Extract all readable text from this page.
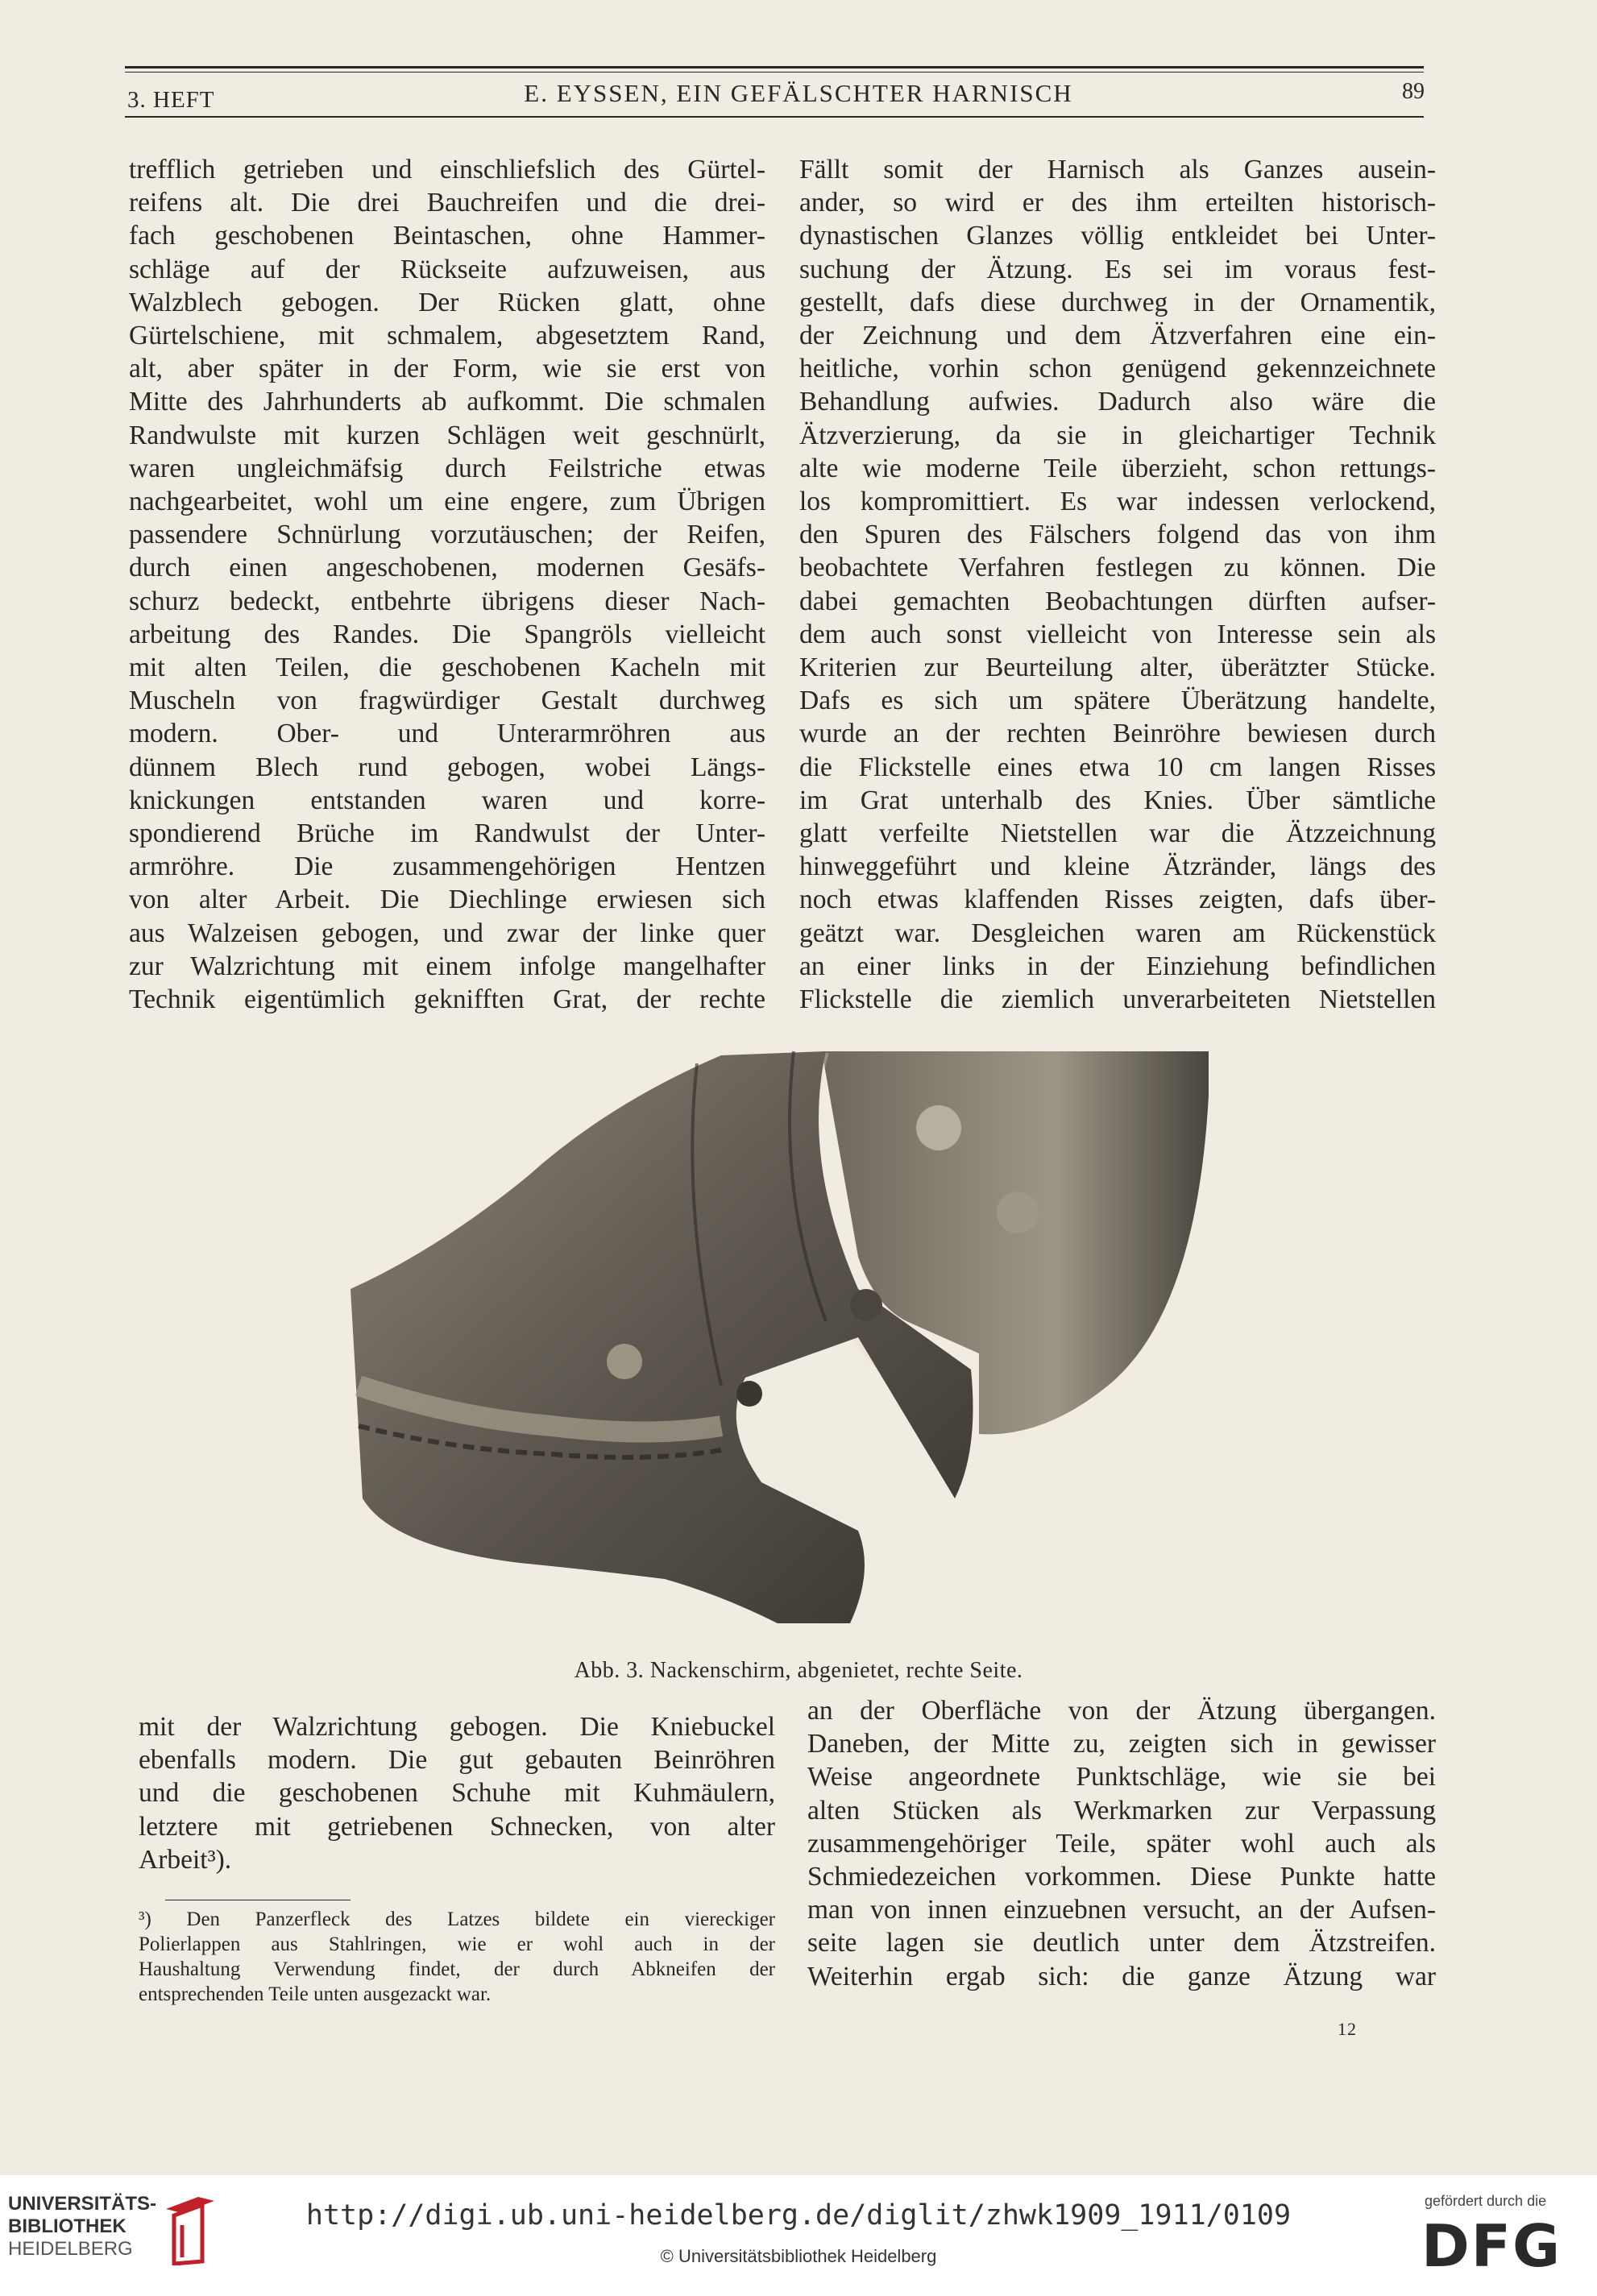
3. HEFT	E. EYSSEN, EIN GEFÄLSCHTER HARNISCH	89
trefflich getrieben und einschliefslich des Gürtel-
reifens alt. Die drei Bauchreifen und die drei-
fach geschobenen Beintaschen, ohne Hammer-
schläge auf der Rückseite aufzuweisen, aus
Walzblech gebogen. Der Rücken glatt, ohne
Gürtelschiene, mit schmalem, abgesetztem Rand,
alt, aber später in der Form, wie sie erst von
Mitte des Jahrhunderts ab aufkommt. Die schmalen
Randwulste mit kurzen Schlägen weit geschnürlt,
waren ungleichmäfsig durch Feilstriche etwas
nachgearbeitet, wohl um eine engere, zum Übrigen
passendere Schnürlung vorzutäuschen; der Reifen,
durch einen angeschobenen, modernen Gesäfs-
schurz bedeckt, entbehrte übrigens dieser Nach-
arbeitung des Randes. Die Spangröls vielleicht
mit alten Teilen, die geschobenen Kacheln mit
Muscheln von fragwürdiger Gestalt durchweg
modern. Ober- und Unterarmröhren aus
dünnem Blech rund gebogen, wobei Längs-
knickungen entstanden waren und korre-
spondierend Brüche im Randwulst der Unter-
armröhre. Die zusammengehörigen Hentzen
von alter Arbeit. Die Diechlinge erwiesen sich
aus Walzeisen gebogen, und zwar der linke quer
zur Walzrichtung mit einem infolge mangelhafter
Technik eigentümlich geknifften Grat, der rechte
Fällt somit der Harnisch als Ganzes ausein-
ander, so wird er des ihm erteilten historisch-
dynastischen Glanzes völlig entkleidet bei Unter-
suchung der Ätzung. Es sei im voraus fest-
gestellt, dafs diese durchweg in der Ornamentik,
der Zeichnung und dem Ätzverfahren eine ein-
heitliche, vorhin schon genügend gekennzeichnete
Behandlung aufwies. Dadurch also wäre die
Ätzverzierung, da sie in gleichartiger Technik
alte wie moderne Teile überzieht, schon rettungs-
los kompromittiert. Es war indessen verlockend,
den Spuren des Fälschers folgend das von ihm
beobachtete Verfahren festlegen zu können. Die
dabei gemachten Beobachtungen dürften aufser-
dem auch sonst vielleicht von Interesse sein als
Kriterien zur Beurteilung alter, überätzter Stücke.
Dafs es sich um spätere Überätzung handelte,
wurde an der rechten Beinröhre bewiesen durch
die Flickstelle eines etwa 10 cm langen Risses
im Grat unterhalb des Knies. Über sämtliche
glatt verfeilte Nietstellen war die Ätzzeichnung
hinweggeführt und kleine Ätzränder, längs des
noch etwas klaffenden Risses zeigten, dafs über-
geätzt war. Desgleichen waren am Rückenstück
an einer links in der Einziehung befindlichen
Flickstelle die ziemlich unverarbeiteten Nietstellen
Abb. 3. Nackenschirm, abgenietet, rechte Seite.
mit der Walzrichtung gebogen. Die Kniebuckel
ebenfalls modern. Die gut gebauten Beinröhren
und die geschobenen Schuhe mit Kuhmäulern,
letztere mit getriebenen Schnecken, von alter
Arbeit³).
an der Oberfläche von der Ätzung übergangen.
Daneben, der Mitte zu, zeigten sich in gewisser
Weise angeordnete Punktschläge, wie sie bei
alten Stücken als Werkmarken zur Verpassung
zusammengehöriger Teile, später wohl auch als
Schmiedezeichen vorkommen. Diese Punkte hatte
man von innen einzuebnen versucht, an der Aufsen-
seite lagen sie deutlich unter dem Ätzstreifen.
Weiterhin ergab sich: die ganze Ätzung war
³) Den Panzerfleck des Latzes bildete ein viereckiger
Polierlappen aus Stahlringen, wie er wohl auch in der
Haushaltung Verwendung findet, der durch Abkneifen der
entsprechenden Teile unten ausgezackt war.
12
UNIVERSITÄTS-
BIBLIOTHEK
HEIDELBERG
http://digi.ub.uni-heidelberg.de/diglit/zhwk1909_1911/0109
© Universitätsbibliothek Heidelberg
gefördert durch die
DFG
